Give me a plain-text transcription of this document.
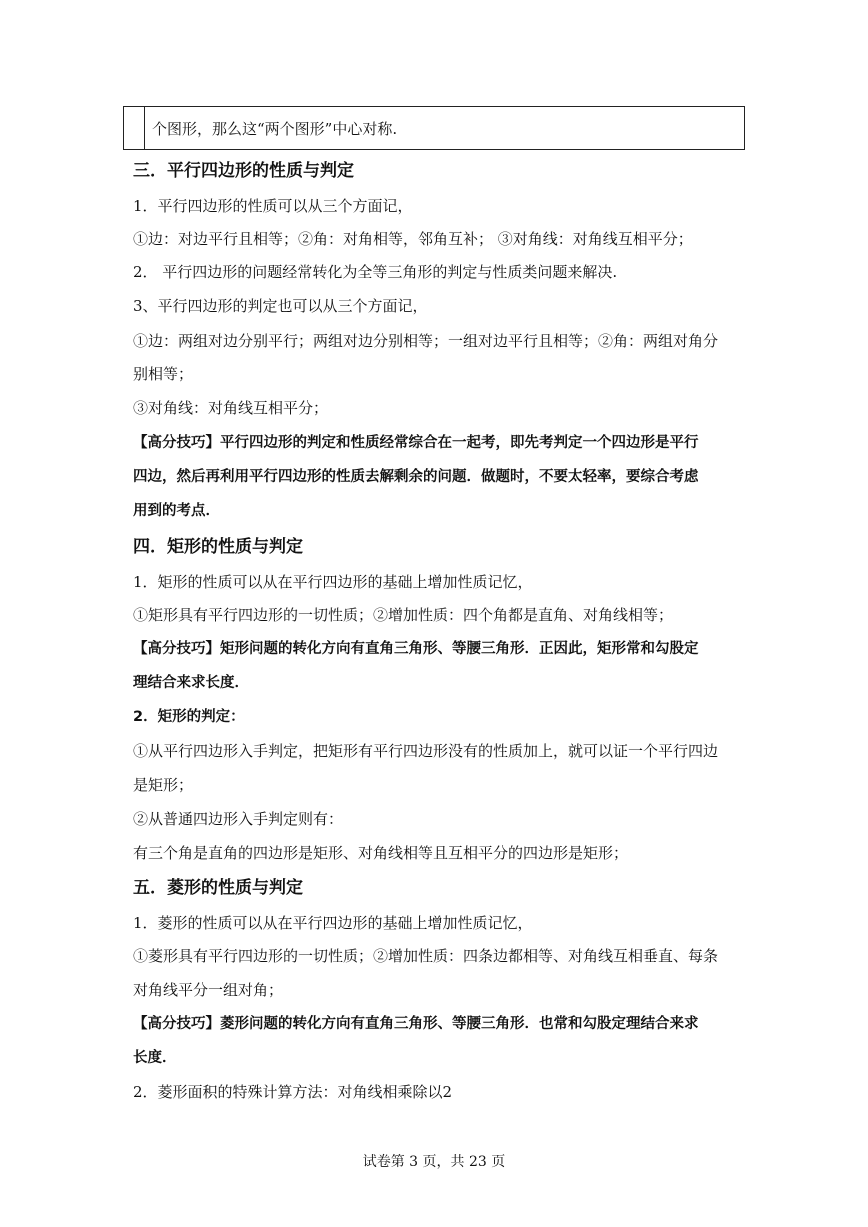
个图形，那么这“两个图形”中心对称.
三．平行四边形的性质与判定
1．平行四边形的性质可以从三个方面记，
①边：对边平行且相等；②角：对角相等，邻角互补； ③对角线：对角线互相平分；
2． 平行四边形的问题经常转化为全等三角形的判定与性质类问题来解决.
3、平行四边形的判定也可以从三个方面记，
①边：两组对边分别平行；两组对边分别相等；一组对边平行且相等；②角：两组对角分
别相等；
③对角线：对角线互相平分；
【高分技巧】平行四边形的判定和性质经常综合在一起考，即先考判定一个四边形是平行
四边，然后再利用平行四边形的性质去解剩余的问题．做题时，不要太轻率，要综合考虑
用到的考点．
四．矩形的性质与判定
1．矩形的性质可以从在平行四边形的基础上增加性质记忆，
①矩形具有平行四边形的一切性质；②增加性质：四个角都是直角、对角线相等；
【高分技巧】矩形问题的转化方向有直角三角形、等腰三角形．正因此，矩形常和勾股定
理结合来求长度．
2．矩形的判定：
①从平行四边形入手判定，把矩形有平行四边形没有的性质加上，就可以证一个平行四边
是矩形；
②从普通四边形入手判定则有：
有三个角是直角的四边形是矩形、对角线相等且互相平分的四边形是矩形；
五．菱形的性质与判定
1．菱形的性质可以从在平行四边形的基础上增加性质记忆，
①菱形具有平行四边形的一切性质；②增加性质：四条边都相等、对角线互相垂直、每条
对角线平分一组对角；
【高分技巧】菱形问题的转化方向有直角三角形、等腰三角形．也常和勾股定理结合来求
长度．
2．菱形面积的特殊计算方法：对角线相乘除以2
试卷第 3 页，共 23 页
